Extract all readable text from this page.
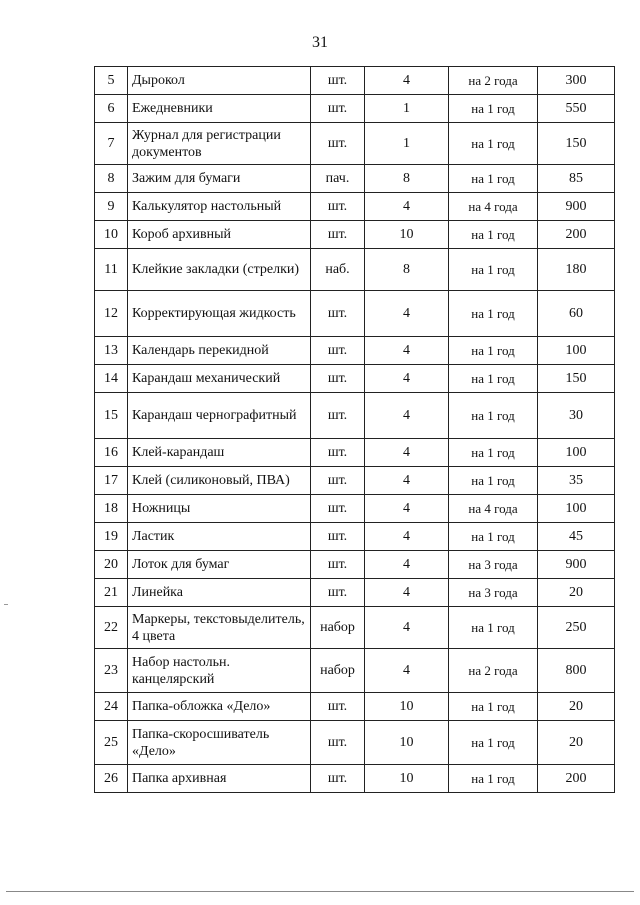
31
5	Дырокол	шт.	4	на 2 года	300
6	Ежедневники	шт.	1	на 1 год	550
7	Журнал для регистрации документов	шт.	1	на 1 год	150
8	Зажим для бумаги	пач.	8	на 1 год	85
9	Калькулятор настольный	шт.	4	на 4 года	900
10	Короб архивный	шт.	10	на 1 год	200
11	Клейкие закладки (стрелки)	наб.	8	на 1 год	180
12	Корректирующая жидкость	шт.	4	на 1 год	60
13	Календарь перекидной	шт.	4	на 1 год	100
14	Карандаш механический	шт.	4	на 1 год	150
15	Карандаш чернографитный	шт.	4	на 1 год	30
16	Клей-карандаш	шт.	4	на 1 год	100
17	Клей (силиконовый, ПВА)	шт.	4	на 1 год	35
18	Ножницы	шт.	4	на 4 года	100
19	Ластик	шт.	4	на 1 год	45
20	Лоток для бумаг	шт.	4	на 3 года	900
21	Линейка	шт.	4	на 3 года	20
22	Маркеры, текстовыделитель, 4 цвета	набор	4	на 1 год	250
23	Набор настольн. канцелярский	набор	4	на 2 года	800
24	Папка-обложка «Дело»	шт.	10	на 1 год	20
25	Папка-скоросшиватель «Дело»	шт.	10	на 1 год	20
26	Папка архивная	шт.	10	на 1 год	200
